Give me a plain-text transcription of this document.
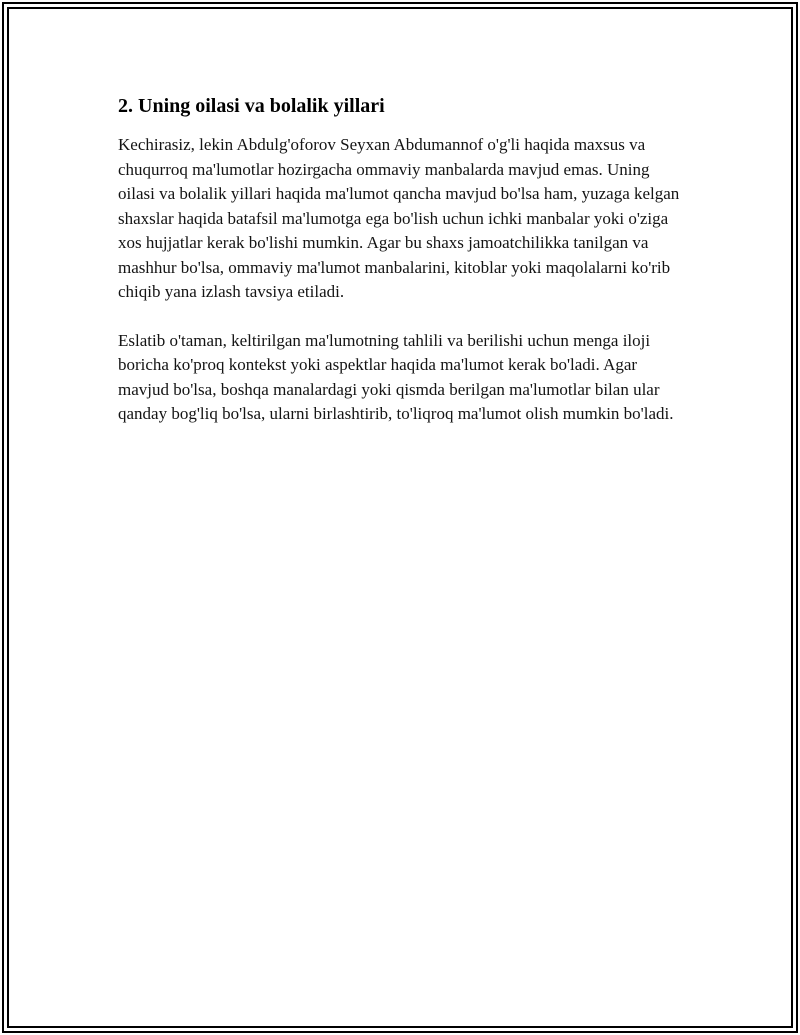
2. Uning oilasi va bolalik yillari

Kechirasiz, lekin Abdulg'oforov Seyxan Abdumannof o'g'li haqida maxsus va chuqurroq ma'lumotlar hozirgacha ommaviy manbalarda mavjud emas. Uning oilasi va bolalik yillari haqida ma'lumot qancha mavjud bo'lsa ham, yuzaga kelgan shaxslar haqida batafsil ma'lumotga ega bo'lish uchun ichki manbalar yoki o'ziga xos hujjatlar kerak bo'lishi mumkin. Agar bu shaxs jamoatchilikka tanilgan va mashhur bo'lsa, ommaviy ma'lumot manbalarini, kitoblar yoki maqolalarni ko'rib chiqib yana izlash tavsiya etiladi.

Eslatib o'taman, keltirilgan ma'lumotning tahlili va berilishi uchun menga iloji boricha ko'proq kontekst yoki aspektlar haqida ma'lumot kerak bo'ladi. Agar mavjud bo'lsa, boshqa manalardagi yoki qismda berilgan ma'lumotlar bilan ular qanday bog'liq bo'lsa, ularni birlashtirib, to'liqroq ma'lumot olish mumkin bo'ladi.
